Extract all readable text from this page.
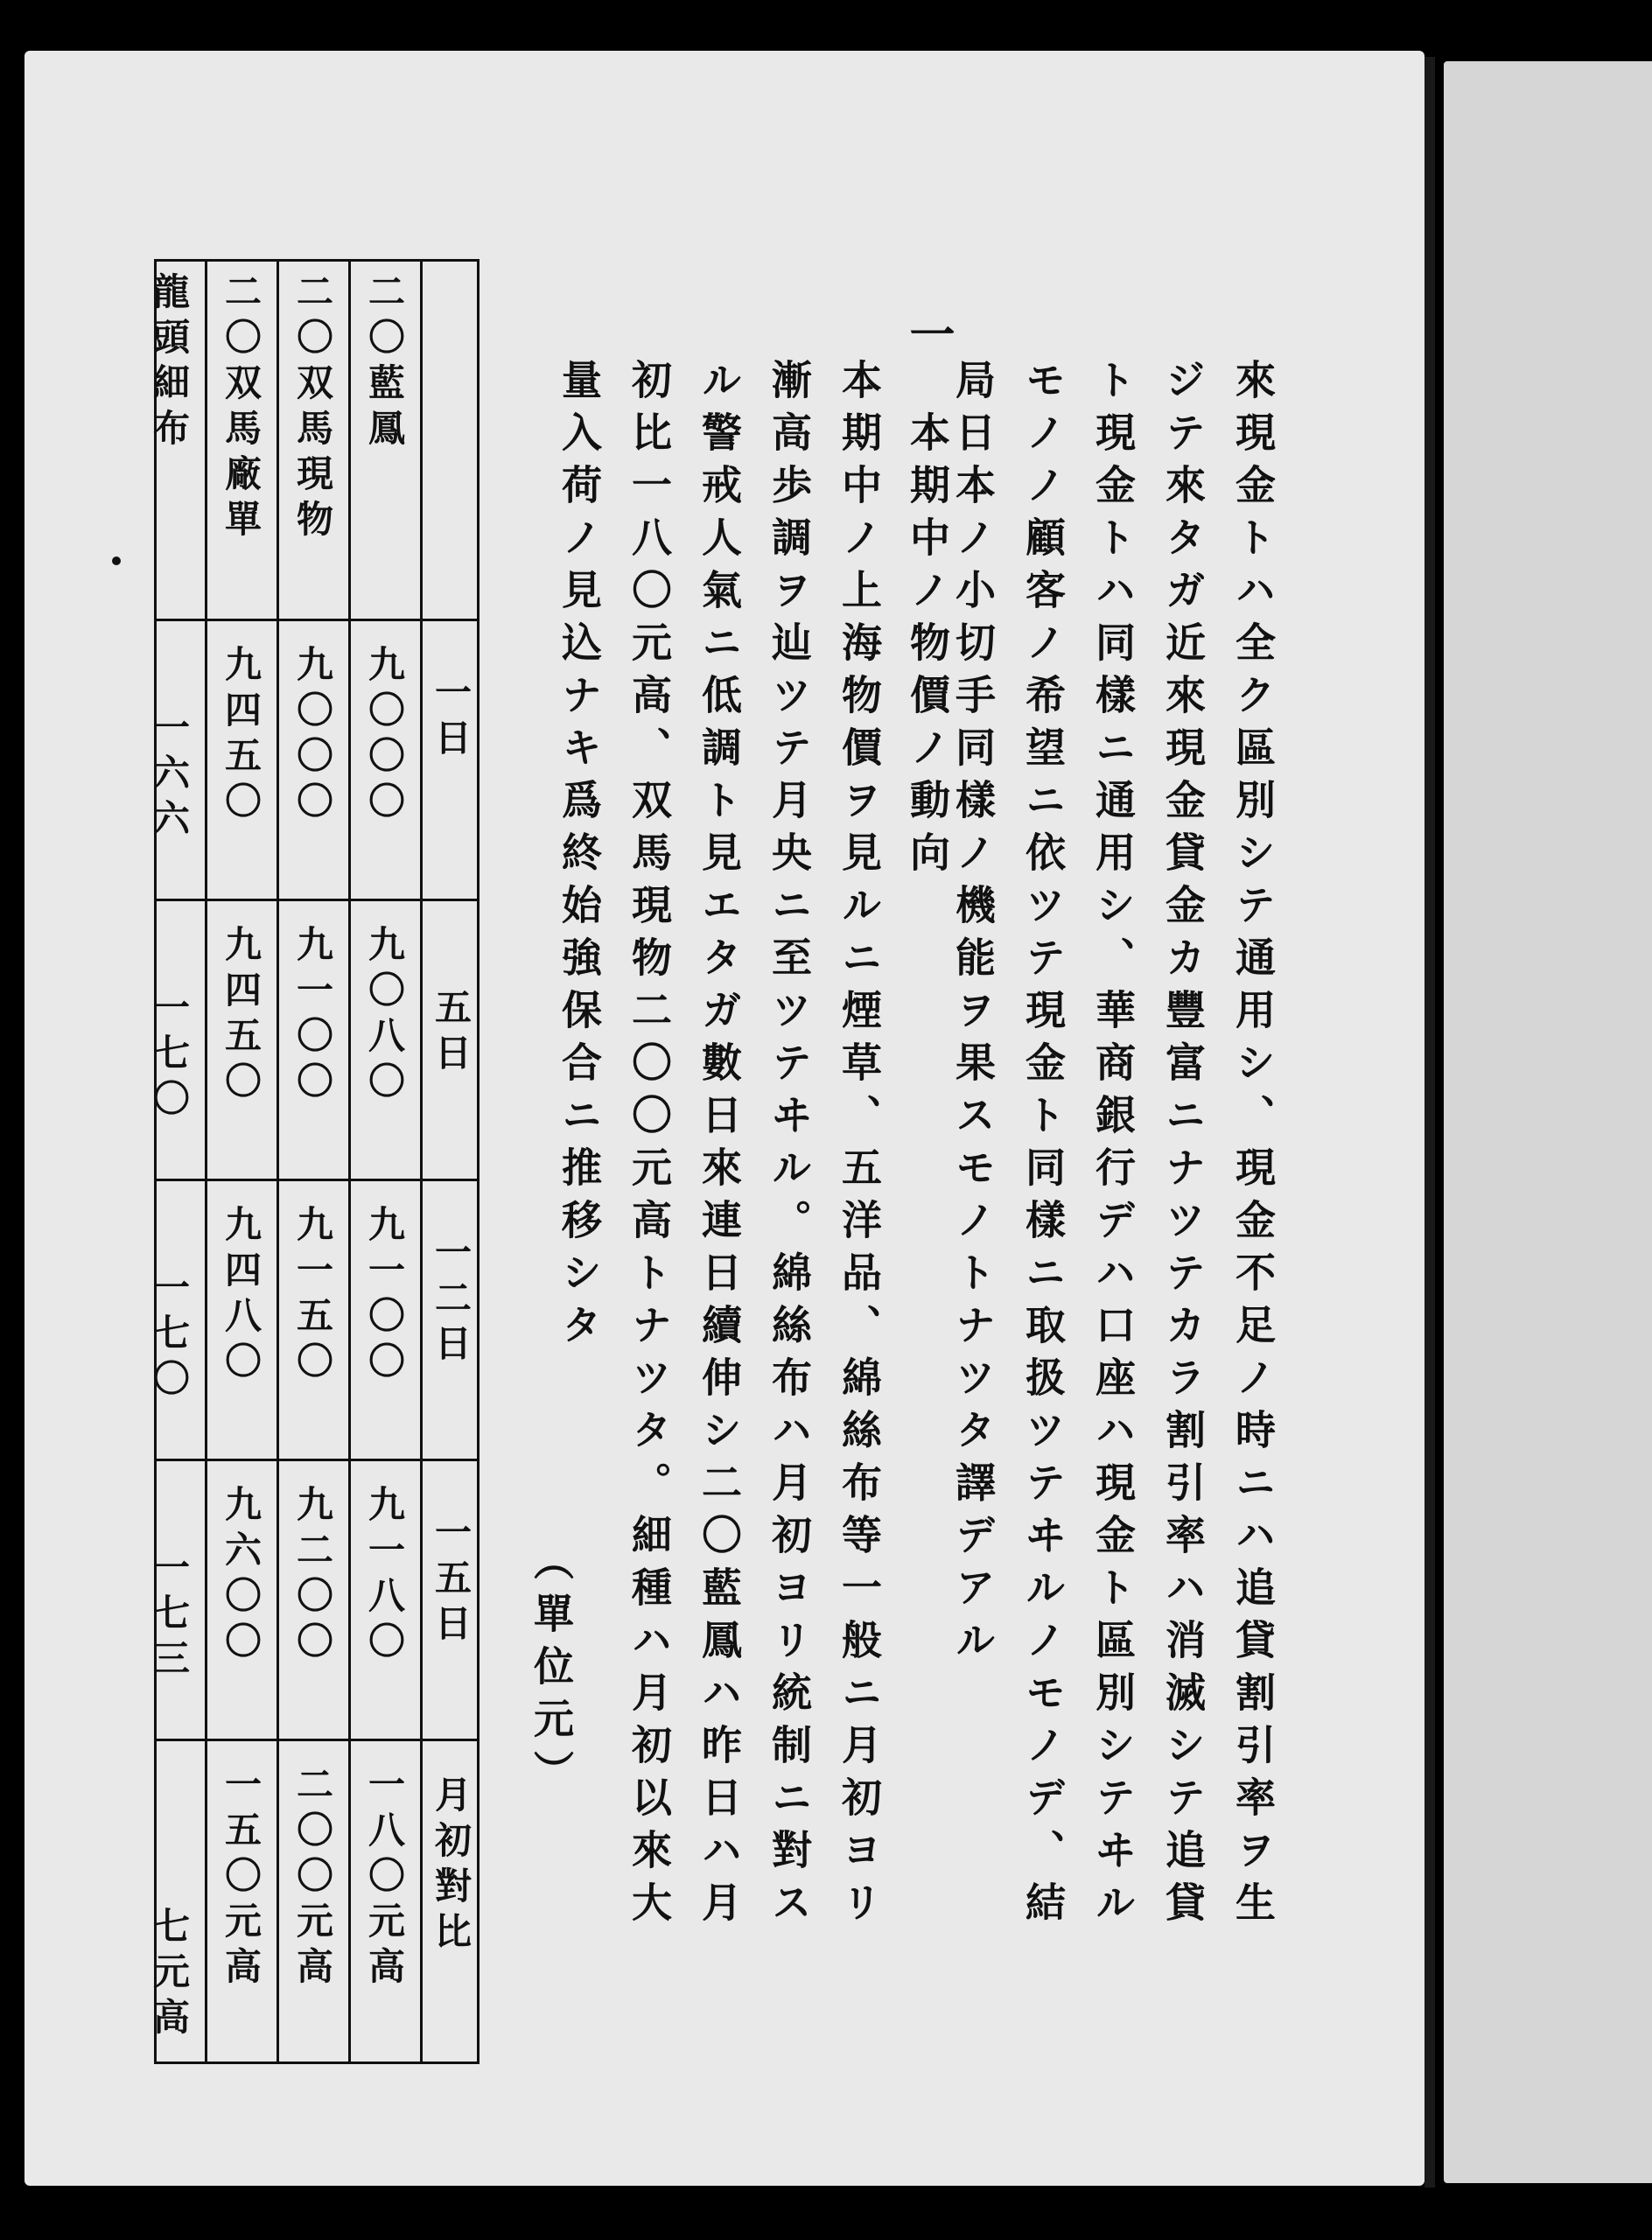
來現金トハ全ク區別シテ通用シ、現金不足ノ時ニハ追貸割引率ヲ生
ジテ來タガ近來現金貸金カ豐富ニナツテカラ割引率ハ消滅シテ追貸
ト現金トハ同樣ニ通用シ、華商銀行デハ口座ハ現金ト區別シテヰル
モノノ顧客ノ希望ニ依ツテ現金ト同樣ニ取扱ツテヰルノモノデ、結
局日本ノ小切手同樣ノ機能ヲ果スモノトナツタ譯デアル
一
本期中ノ物價ノ動向
本期中ノ上海物價ヲ見ルニ煙草、五洋品、綿絲布等一般ニ月初ヨリ
漸高歩調ヲ辿ツテ月央ニ至ツテヰル。綿絲布ハ月初ヨリ統制ニ對ス
ル警戒人氣ニ低調ト見エタガ數日來連日續伸シ二〇藍鳳ハ昨日ハ月
初比一八〇元高、双馬現物二〇〇元高トナツタ。細種ハ月初以來大
量入荷ノ見込ナキ爲終始強保合ニ推移シタ
（單位元）
二〇藍鳳
二〇双馬現物
二〇双馬廠單
龍頭細布
一日
九〇〇〇
九〇〇〇
九四五〇
一六六
五日
九〇八〇
九一〇〇
九四五〇
一七〇
一二日
九一〇〇
九一五〇
九四八〇
一七〇
一五日
九一八〇
九二〇〇
九六〇〇
一七三
月初對比
一八〇元高
二〇〇元高
一五〇元高
七元高
